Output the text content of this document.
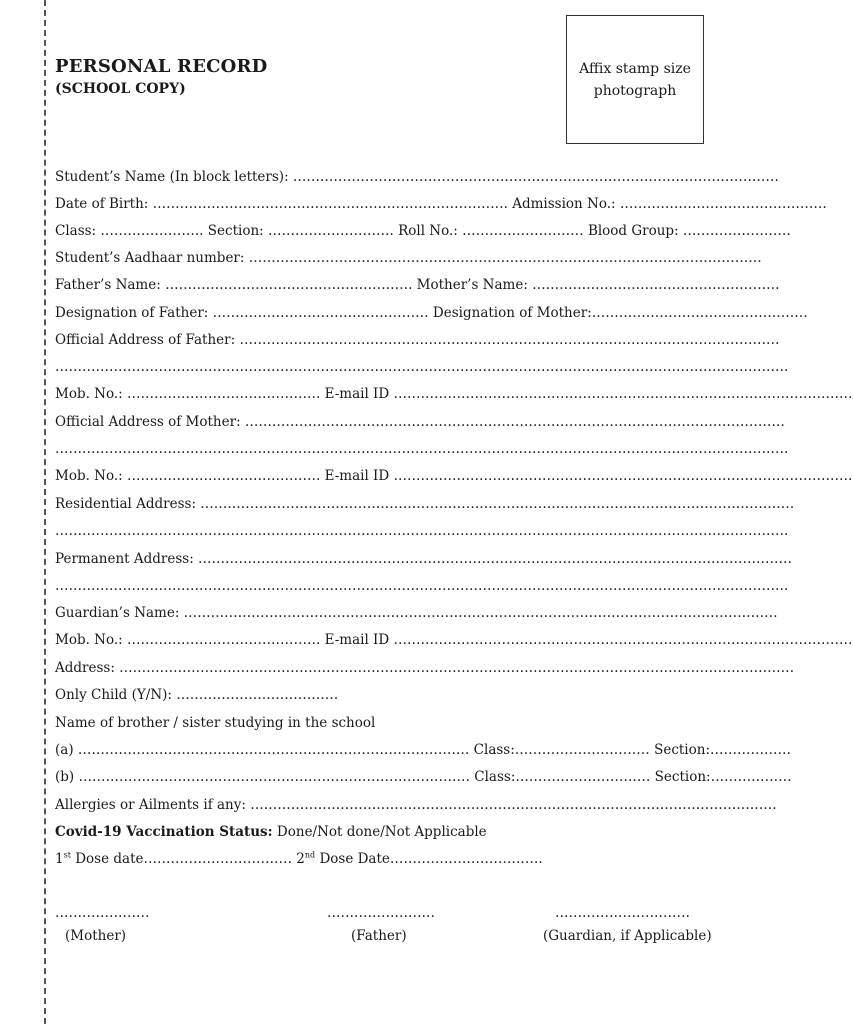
PERSONAL RECORD
(SCHOOL COPY)
Affix stamp size
photograph
Student’s Name (In block letters): ………………………………………………………………………………………………
Date of Birth: ……………………………………………………………………. Admission No.: ……………………………………….
Class: ………………….. Section: ………………………. Roll No.: ……………………… Blood Group: ……………………
Student’s Aadhaar number: ……………………………………………………………………………………………………
Father’s Name: ………………………………………………. Mother’s Name: ……………………………………………….
Designation of Father: ………………………………………… Designation of Mother:…………………………………………
Official Address of Father: …………………………………………………………………………………………………………
……………………………………………………………………………………………………………………………………………….
Mob. No.: ……………………………………. E-mail ID …………………………………………………………………………………………
Official Address of Mother: …………………………………………………………………………………………………………
……………………………………………………………………………………………………………………………………………….
Mob. No.: ……………………………………. E-mail ID …………………………………………………………………………………………
Residential Address: ……………………………………………………………………………………………………………………
……………………………………………………………………………………………………………………………………………….
Permanent Address: ……………………………………………………………………………………………………………………
……………………………………………………………………………………………………………………………………………….
Guardian’s Name: ……………………………………………………………………………………………………………………
Mob. No.: ……………………………………. E-mail ID …………………………………………………………………………………………
Address: ……………………………………………………………………………………………………………………………………
Only Child (Y/N): ………………………………
Name of brother / sister studying in the school
(a) …………………………………………………………………………… Class:………………………… Section:………………
(b) …………………………………………………………………………… Class:………………………… Section:………………
Allergies or Ailments if any: ………………………………………………………………………………………………………
Covid-19 Vaccination Status: Done/Not done/Not Applicable
1st Dose date…………………………… 2nd Dose Date…………………………….
…………………	……………………	…………………………
(Mother)	(Father)	(Guardian, if Applicable)
